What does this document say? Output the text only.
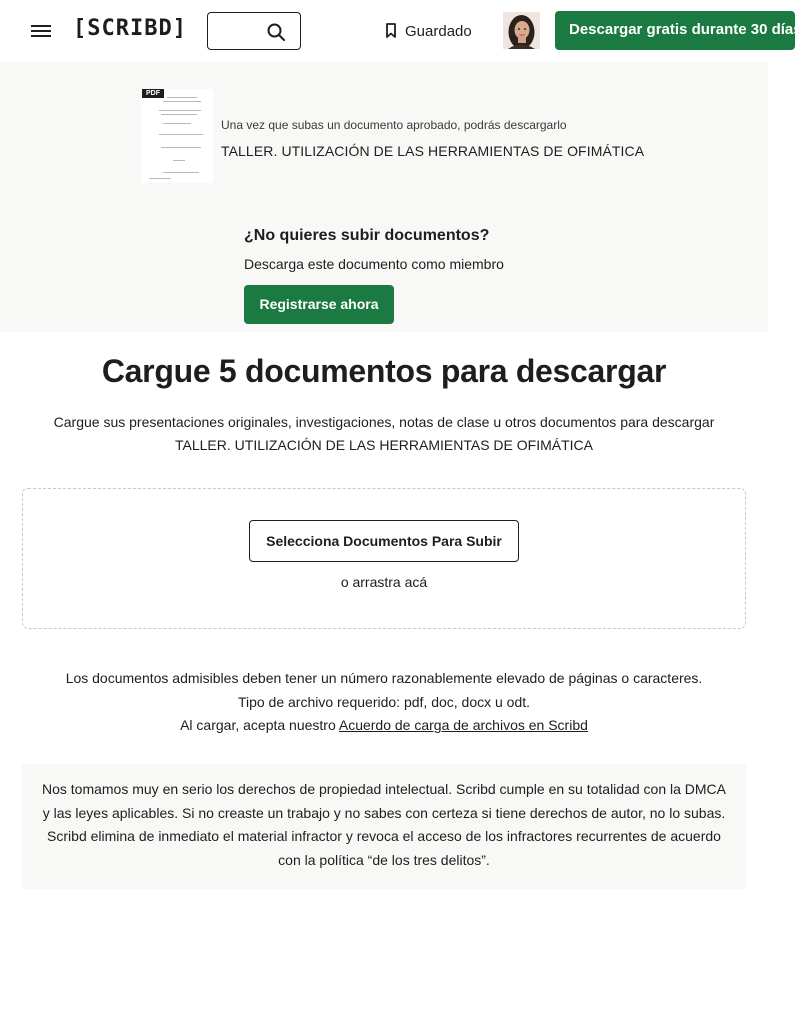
[SCRIBD]	Guardado	Descargar gratis durante 30 días
PDF
Una vez que subas un documento aprobado, podrás descargarlo
TALLER. UTILIZACIÓN DE LAS HERRAMIENTAS DE OFIMÁTICA
¿No quieres subir documentos?
Descarga este documento como miembro
Registrarse ahora
Cargue 5 documentos para descargar
Cargue sus presentaciones originales, investigaciones, notas de clase u otros documentos para descargar
TALLER. UTILIZACIÓN DE LAS HERRAMIENTAS DE OFIMÁTICA
Selecciona Documentos Para Subir
o arrastra acá
Los documentos admisibles deben tener un número razonablemente elevado de páginas o caracteres.
Tipo de archivo requerido: pdf, doc, docx u odt.
Al cargar, acepta nuestro Acuerdo de carga de archivos en Scribd
Nos tomamos muy en serio los derechos de propiedad intelectual. Scribd cumple en su totalidad con la DMCA y las leyes aplicables. Si no creaste un trabajo y no sabes con certeza si tiene derechos de autor, no lo subas. Scribd elimina de inmediato el material infractor y revoca el acceso de los infractores recurrentes de acuerdo con la política “de los tres delitos”.
